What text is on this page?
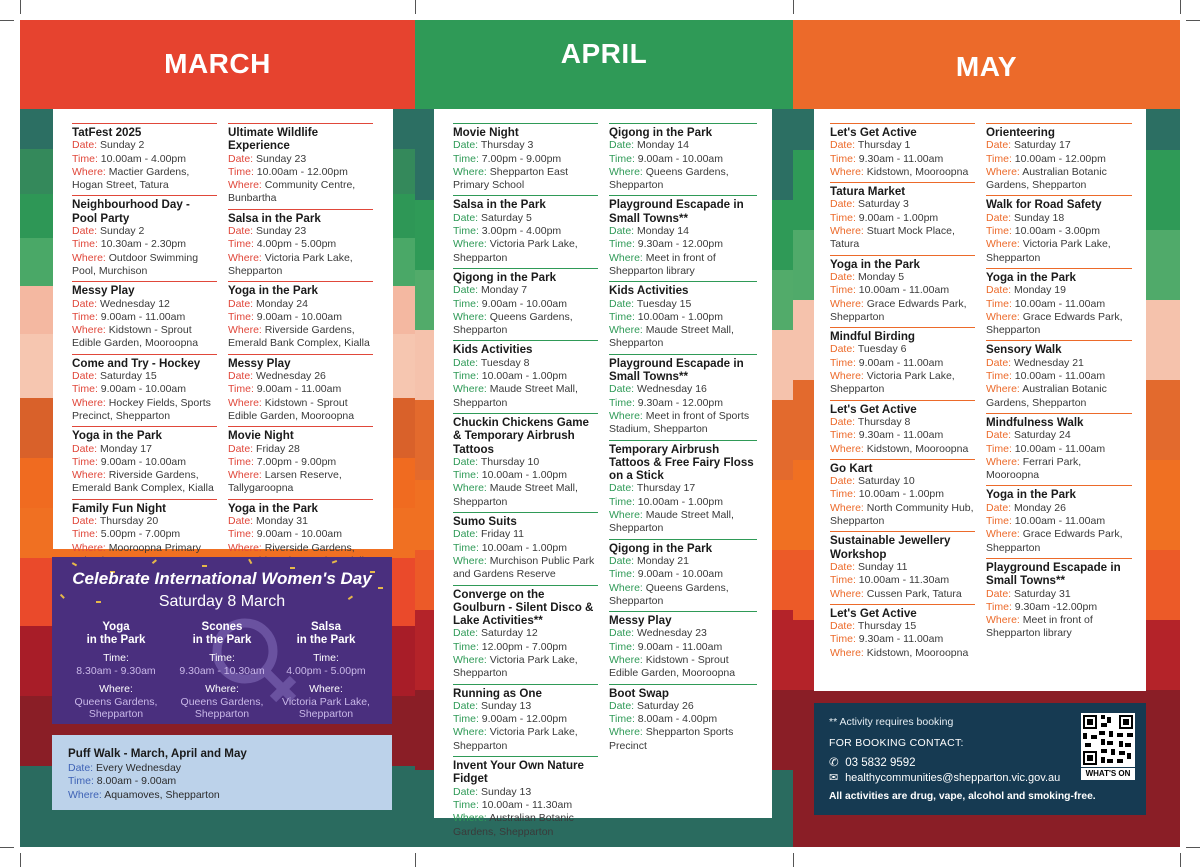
MARCH	APRIL	MAY
TatFest 2025
Date: Sunday 2
Time: 10.00am - 4.00pm
Where: Mactier Gardens, Hogan Street, Tatura
Neighbourhood Day - Pool Party
Date: Sunday 2
Time: 10.30am - 2.30pm
Where: Outdoor Swimming Pool, Murchison
Messy Play
Date: Wednesday 12
Time: 9.00am - 11.00am
Where: Kidstown - Sprout Edible Garden, Mooroopna
Come and Try - Hockey
Date: Saturday 15
Time: 9.00am - 10.00am
Where: Hockey Fields, Sports Precinct, Shepparton
Yoga in the Park
Date: Monday 17
Time: 9.00am - 10.00am
Where: Riverside Gardens, Emerald Bank Complex, Kialla
Family Fun Night
Date: Thursday 20
Time: 5.00pm - 7.00pm
Where: Mooroopna Primary
Ultimate Wildlife Experience
Date: Sunday 23
Time: 10.00am - 12.00pm
Where: Community Centre, Bunbartha
Salsa in the Park
Date: Sunday 23
Time: 4.00pm - 5.00pm
Where: Victoria Park Lake, Shepparton
Yoga in the Park
Date: Monday 24
Time: 9.00am - 10.00am
Where: Riverside Gardens, Emerald Bank Complex, Kialla
Messy Play
Date: Wednesday 26
Time: 9.00am - 11.00am
Where: Kidstown - Sprout Edible Garden, Mooroopna
Movie Night
Date: Friday 28
Time: 7.00pm - 9.00pm
Where: Larsen Reserve, Tallygaroopna
Yoga in the Park
Date: Monday 31
Time: 9.00am - 10.00am
Where: Riverside Gardens,
Movie Night
Date: Thursday 3
Time: 7.00pm - 9.00pm
Where: Shepparton East Primary School
Salsa in the Park
Date: Saturday 5
Time: 3.00pm - 4.00pm
Where: Victoria Park Lake, Shepparton
Qigong in the Park
Date: Monday 7
Time: 9.00am - 10.00am
Where: Queens Gardens, Shepparton
Kids Activities
Date: Tuesday 8
Time: 10.00am - 1.00pm
Where: Maude Street Mall, Shepparton
Chuckin Chickens Game & Temporary Airbrush Tattoos
Date: Thursday 10
Time: 10.00am - 1.00pm
Where: Maude Street Mall, Shepparton
Sumo Suits
Date: Friday 11
Time: 10.00am - 1.00pm
Where: Murchison Public Park and Gardens Reserve
Converge on the Goulburn - Silent Disco & Lake Activities**
Date: Saturday 12
Time: 12.00pm - 7.00pm
Where: Victoria Park Lake, Shepparton
Running as One
Date: Sunday 13
Time: 9.00am - 12.00pm
Where: Victoria Park Lake, Shepparton
Invent Your Own Nature Fidget
Date: Sunday 13
Time: 10.00am - 11.30am
Where: Australian Botanic Gardens, Shepparton
Qigong in the Park
Date: Monday 14
Time: 9.00am - 10.00am
Where: Queens Gardens, Shepparton
Playground Escapade in Small Towns**
Date: Monday 14
Time: 9.30am - 12.00pm
Where: Meet in front of Shepparton library
Kids Activities
Date: Tuesday 15
Time: 10.00am - 1.00pm
Where: Maude Street Mall, Shepparton
Playground Escapade in Small Towns**
Date: Wednesday 16
Time: 9.30am - 12.00pm
Where: Meet in front of Sports Stadium, Shepparton
Temporary Airbrush Tattoos & Free Fairy Floss on a Stick
Date: Thursday 17
Time: 10.00am - 1.00pm
Where: Maude Street Mall, Shepparton
Qigong in the Park
Date: Monday 21
Time: 9.00am - 10.00am
Where: Queens Gardens, Shepparton
Messy Play
Date: Wednesday 23
Time: 9.00am - 11.00am
Where: Kidstown - Sprout Edible Garden, Mooroopna
Boot Swap
Date: Saturday 26
Time: 8.00am - 4.00pm
Where: Shepparton Sports Precinct
Let's Get Active
Date: Thursday 1
Time: 9.30am - 11.00am
Where: Kidstown, Mooroopna
Tatura Market
Date: Saturday 3
Time: 9.00am - 1.00pm
Where: Stuart Mock Place, Tatura
Yoga in the Park
Date: Monday 5
Time: 10.00am - 11.00am
Where: Grace Edwards Park, Shepparton
Mindful Birding
Date: Tuesday 6
Time: 9.00am - 11.00am
Where: Victoria Park Lake, Shepparton
Let's Get Active
Date: Thursday 8
Time: 9.30am - 11.00am
Where: Kidstown, Mooroopna
Go Kart
Date: Saturday 10
Time: 10.00am - 1.00pm
Where: North Community Hub, Shepparton
Sustainable Jewellery Workshop
Date: Sunday 11
Time: 10.00am - 11.30am
Where: Cussen Park, Tatura
Let's Get Active
Date: Thursday 15
Time: 9.30am - 11.00am
Where: Kidstown, Mooroopna
Orienteering
Date: Saturday 17
Time: 10.00am - 12.00pm
Where: Australian Botanic Gardens, Shepparton
Walk for Road Safety
Date: Sunday 18
Time: 10.00am - 3.00pm
Where: Victoria Park Lake, Shepparton
Yoga in the Park
Date: Monday 19
Time: 10.00am - 11.00am
Where: Grace Edwards Park, Shepparton
Sensory Walk
Date: Wednesday 21
Time: 10.00am - 11.00am
Where: Australian Botanic Gardens, Shepparton
Mindfulness Walk
Date: Saturday 24
Time: 10.00am - 11.00am
Where: Ferrari Park, Mooroopna
Yoga in the Park
Date: Monday 26
Time: 10.00am - 11.00am
Where: Grace Edwards Park, Shepparton
Playground Escapade in Small Towns**
Date: Saturday 31
Time: 9.30am -12.00pm
Where: Meet in front of Shepparton library
Celebrate International Women's Day
Saturday 8 March
Yoga
in the Park
Time:
8.30am - 9.30am
Where:
Queens Gardens,
Shepparton
Scones
in the Park
Time:
9.30am - 10.30am
Where:
Queens Gardens,
Shepparton
Salsa
in the Park
Time:
4.00pm - 5.00pm
Where:
Victoria Park Lake,
Shepparton
Puff Walk - March, April and May
Date: Every Wednesday
Time: 8.00am - 9.00am
Where: Aquamoves, Shepparton
** Activity requires booking
FOR BOOKING CONTACT:
✆ 03 5832 9592
✉ healthycommunities@shepparton.vic.gov.au
All activities are drug, vape, alcohol and smoking-free.
WHAT'S ON
